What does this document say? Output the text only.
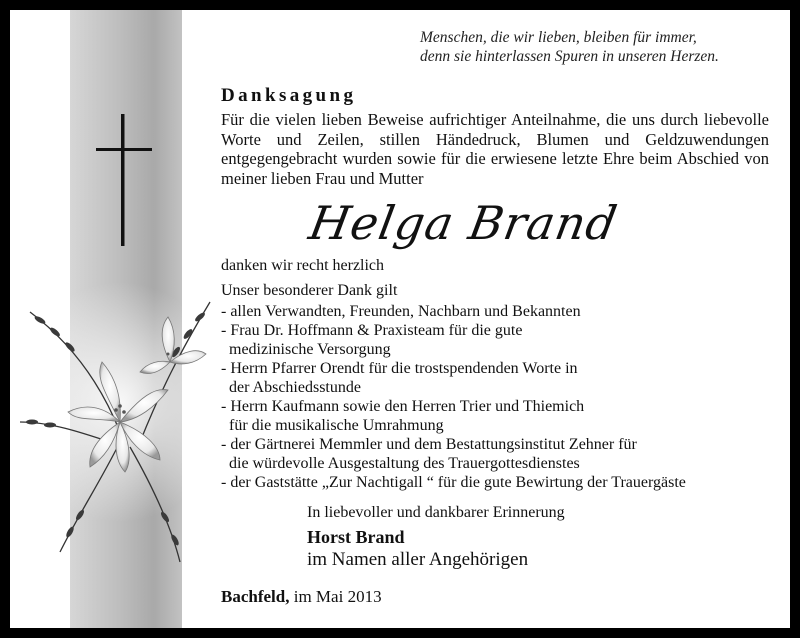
Menschen, die wir lieben, bleiben für immer,
denn sie hinterlassen Spuren in unseren Herzen.
Danksagung

Für die vielen lieben Beweise aufrichtiger Anteilnahme, die uns durch liebevolle Worte und Zeilen, stillen Händedruck, Blumen und Geldzuwendungen entgegengebracht wurden sowie für die erwiesene letzte Ehre beim Abschied von meiner lieben Frau und Mutter

Helga Brand
danken wir recht herzlich
Unser besonderer Dank gilt
- allen Verwandten, Freunden, Nachbarn und Bekannten
- Frau Dr. Hoffmann & Praxisteam für die gute
medizinische Versorgung
- Herrn Pfarrer Orendt für die trostspendenden Worte in
der Abschiedsstunde
- Herrn Kaufmann sowie den Herren Trier und Thiemich
für die musikalische Umrahmung
- der Gärtnerei Memmler und dem Bestattungsinstitut Zehner für
die würdevolle Ausgestaltung des Trauergottesdienstes
- der Gaststätte „Zur Nachtigall “ für die gute Bewirtung der Trauergäste
In liebevoller und dankbarer Erinnerung
Horst Brand
im Namen aller Angehörigen
Bachfeld, im Mai 2013
